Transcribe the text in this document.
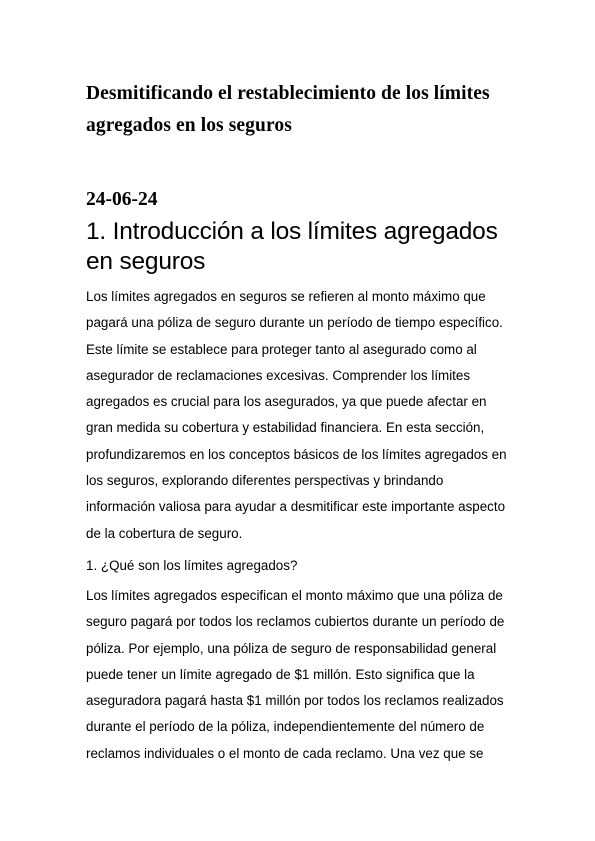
Desmitificando el restablecimiento de los límites agregados en los seguros
24-06-24
1. Introducción a los límites agregados en seguros

Los límites agregados en seguros se refieren al monto máximo que pagará una póliza de seguro durante un período de tiempo específico. Este límite se establece para proteger tanto al asegurado como al asegurador de reclamaciones excesivas. Comprender los límites agregados es crucial para los asegurados, ya que puede afectar en gran medida su cobertura y estabilidad financiera. En esta sección, profundizaremos en los conceptos básicos de los límites agregados en los seguros, explorando diferentes perspectivas y brindando información valiosa para ayudar a desmitificar este importante aspecto de la cobertura de seguro.

1. ¿Qué son los límites agregados?

Los límites agregados especifican el monto máximo que una póliza de seguro pagará por todos los reclamos cubiertos durante un período de póliza. Por ejemplo, una póliza de seguro de responsabilidad general puede tener un límite agregado de $1 millón. Esto significa que la aseguradora pagará hasta $1 millón por todos los reclamos realizados durante el período de la póliza, independientemente del número de reclamos individuales o el monto de cada reclamo. Una vez que se
